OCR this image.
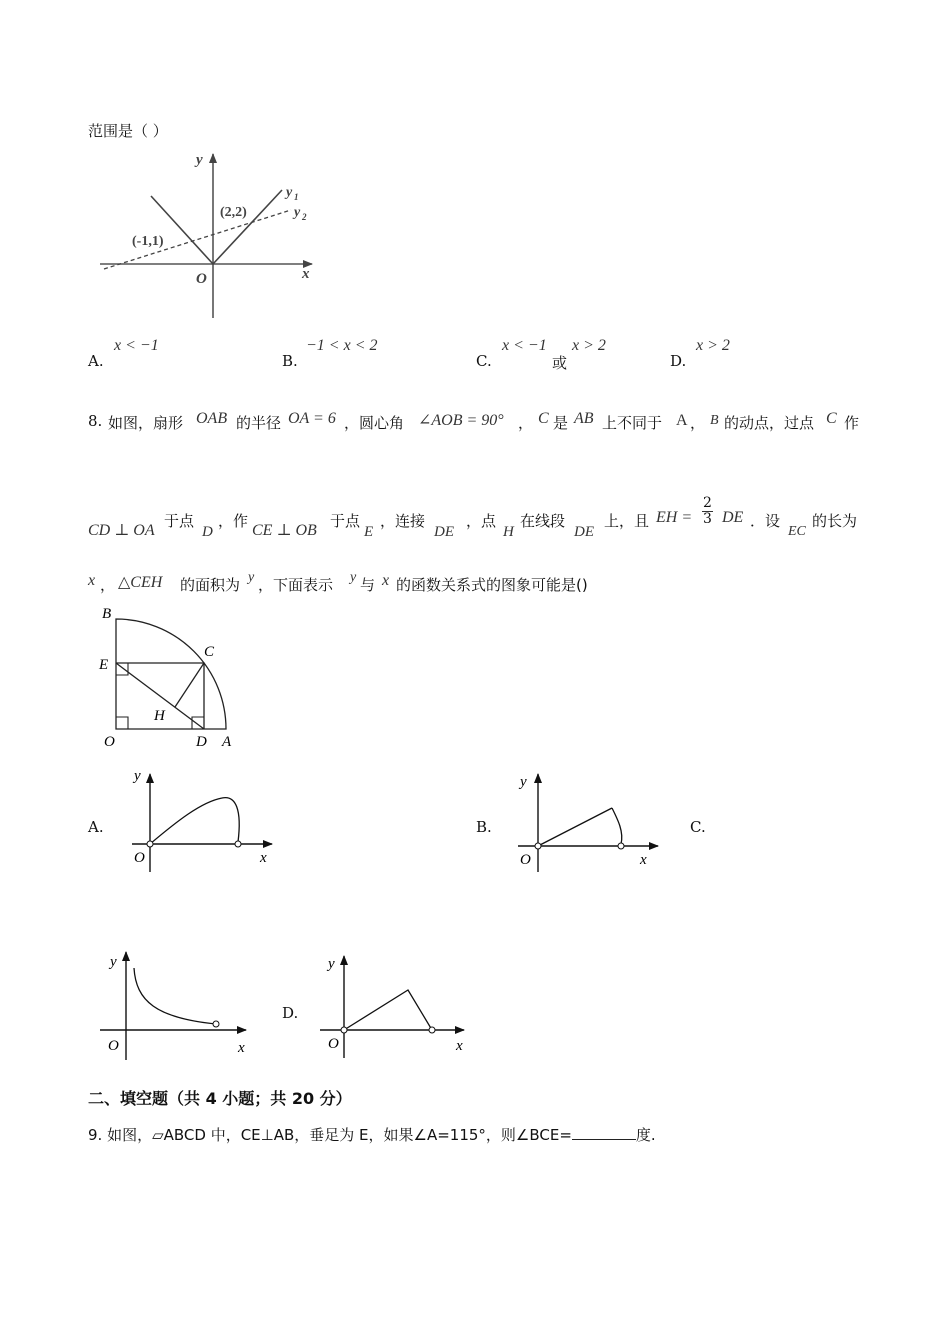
范围是（ ）
y
x
O
y 1
y 2
(2,2)
(-1,1)
A.
x < −1
B.
−1 < x < 2
C.
x < −1
或
x > 2
D.
x > 2
8. 如图，扇形 OAB 的半径 OA = 6 ，圆心角 ∠AOB = 90° ， C 是 AB 上不同于 A ， B 的动点，过点 C 作
CD ⊥ OA
于点
D
，作
CE ⊥ OB
于点
E
，连接
DE
，点
H
在线段
DE
上，且 EH = $\frac{2}{3}$ DE ．设
EC
的长为
x ， △CEH 的面积为 y ，下面表示 y 与 x 的函数关系式的图象可能是()
B
C
E
H
O	D A
A.
y
x
O
B.
y
x
O
C.
y
x
O
D.
y
x
O
二、填空题（共 4 小题；共 20 分）
9. 如图，▱ABCD 中，CE⊥AB，垂足为 E，如果∠A=115°，则∠BCE=	度.
